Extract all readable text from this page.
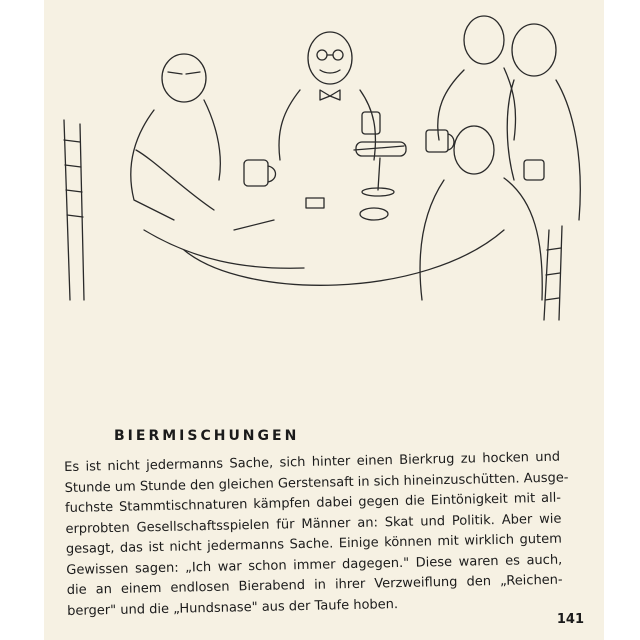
BIERMISCHUNGEN
Es ist nicht jedermanns Sache, sich hinter einen Bierkrug zu hocken und
Stunde um Stunde den gleichen Gerstensaft in sich hineinzuschütten. Ausge-
fuchste Stammtischnaturen kämpfen dabei gegen die Eintönigkeit mit all-
erprobten Gesellschaftsspielen für Männer an: Skat und Politik. Aber wie
gesagt, das ist nicht jedermanns Sache. Einige können mit wirklich gutem
Gewissen sagen: „Ich war schon immer dagegen." Diese waren es auch,
die an einem endlosen Bierabend in ihrer Verzweiflung den „Reichen-
berger" und die „Hundsnase" aus der Taufe hoben.
141
